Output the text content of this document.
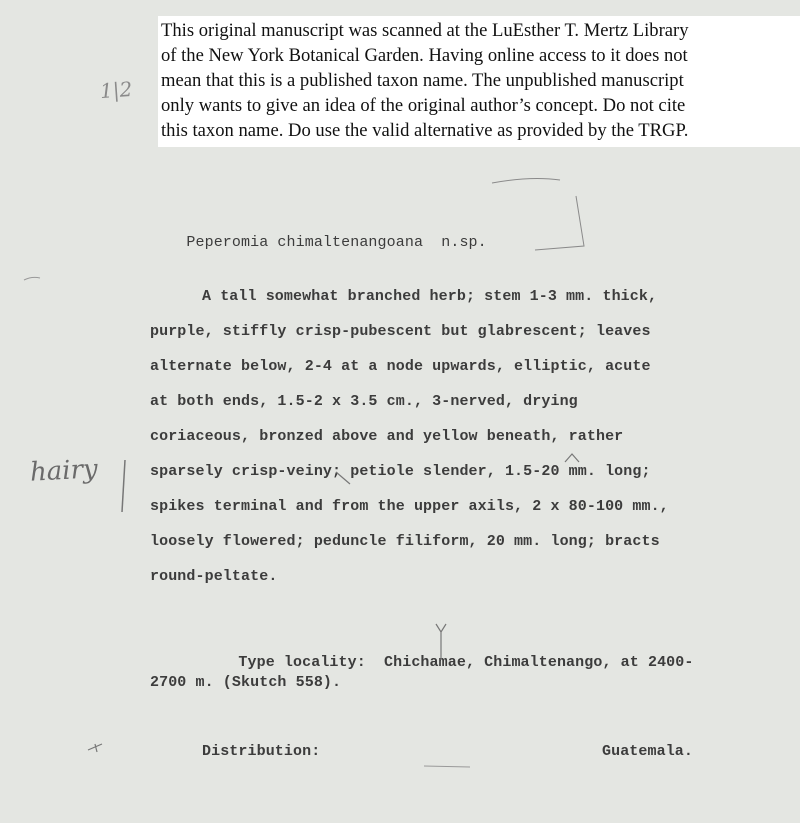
This original manuscript was scanned at the LuEsther T. Mertz Library
of the New York Botanical Garden. Having online access to it does not
mean that this is a published taxon name. The unpublished manuscript
only wants to give an idea of the original author’s concept. Do not cite
this taxon name. Do use the valid alternative as provided by the TRGP.
1|2

Peperomia chimaltenangoana n.sp.

A tall somewhat branched herb; stem 1-3 mm. thick,
purple, stiffly crisp-pubescent but glabrescent; leaves
alternate below, 2-4 at a node upwards, elliptic, acute
at both ends, 1.5-2 x 3.5 cm., 3-nerved, drying
coriaceous, bronzed above and yellow beneath, rather
sparsely crisp-veiny; petiole slender, 1.5-20 mm. long;
spikes terminal and from the upper axils, 2 x 80-100 mm.,
loosely flowered; peduncle filiform, 20 mm. long; bracts
round-peltate.

Type locality: Chichamae, Chimaltenango, at 2400-

2700 m. (Skutch 558).
Distribution:	Guatemala.
hairy
